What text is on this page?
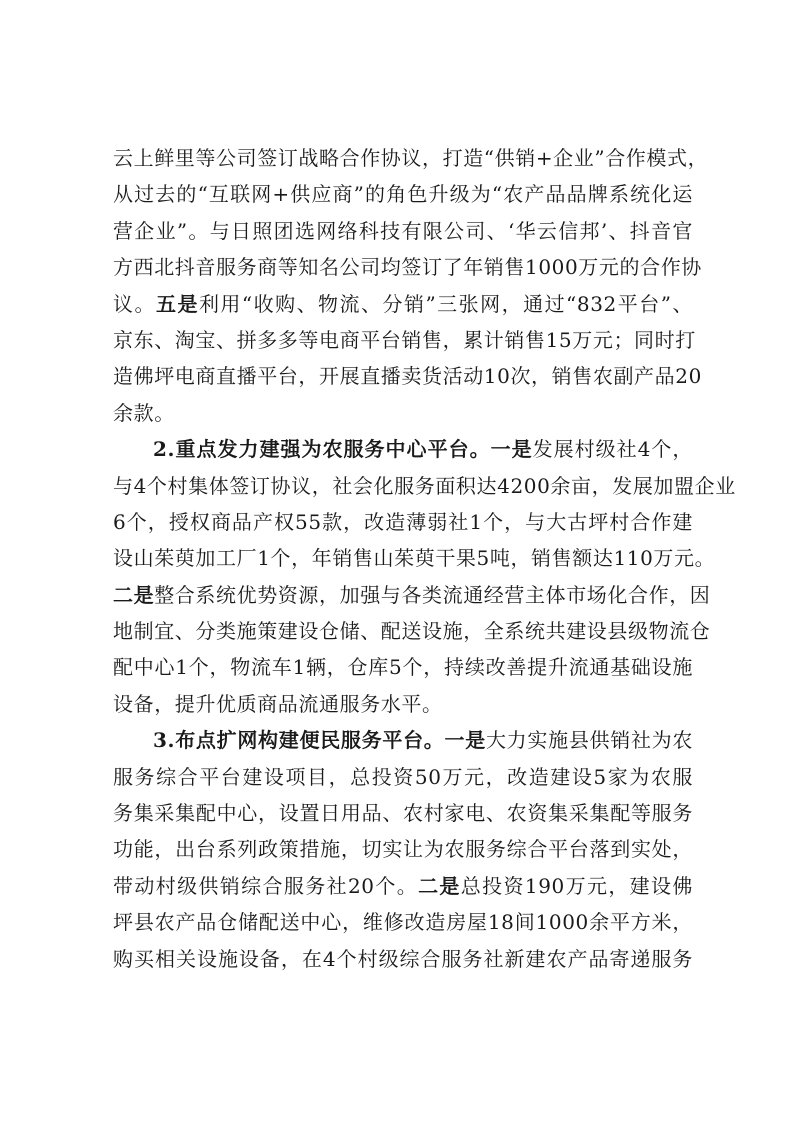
云上鲜里等公司签订战略合作协议，打造“供销+企业”合作模式，
从过去的“互联网+供应商”的角色升级为“农产品品牌系统化运
营企业”。与日照团选网络科技有限公司、‘华云信邦’、抖音官
方西北抖音服务商等知名公司均签订了年销售1000万元的合作协
议。五是利用“收购、物流、分销”三张网，通过“832平台”、
京东、淘宝、拼多多等电商平台销售，累计销售15万元；同时打
造佛坪电商直播平台，开展直播卖货活动10次，销售农副产品20
余款。
2.重点发力建强为农服务中心平台。一是发展村级社4个，
与4个村集体签订协议，社会化服务面积达4200余亩，发展加盟企业
6个，授权商品产权55款，改造薄弱社1个，与大古坪村合作建
设山茱萸加工厂1个，年销售山茱萸干果5吨，销售额达110万元。
二是整合系统优势资源，加强与各类流通经营主体市场化合作，因
地制宜、分类施策建设仓储、配送设施，全系统共建设县级物流仓
配中心1个，物流车1辆，仓库5个，持续改善提升流通基础设施
设备，提升优质商品流通服务水平。
3.布点扩网构建便民服务平台。一是大力实施县供销社为农
服务综合平台建设项目，总投资50万元，改造建设5家为农服
务集采集配中心，设置日用品、农村家电、农资集采集配等服务
功能，出台系列政策措施，切实让为农服务综合平台落到实处，
带动村级供销综合服务社20个。二是总投资190万元，建设佛
坪县农产品仓储配送中心，维修改造房屋18间1000余平方米，
购买相关设施设备，在4个村级综合服务社新建农产品寄递服务
